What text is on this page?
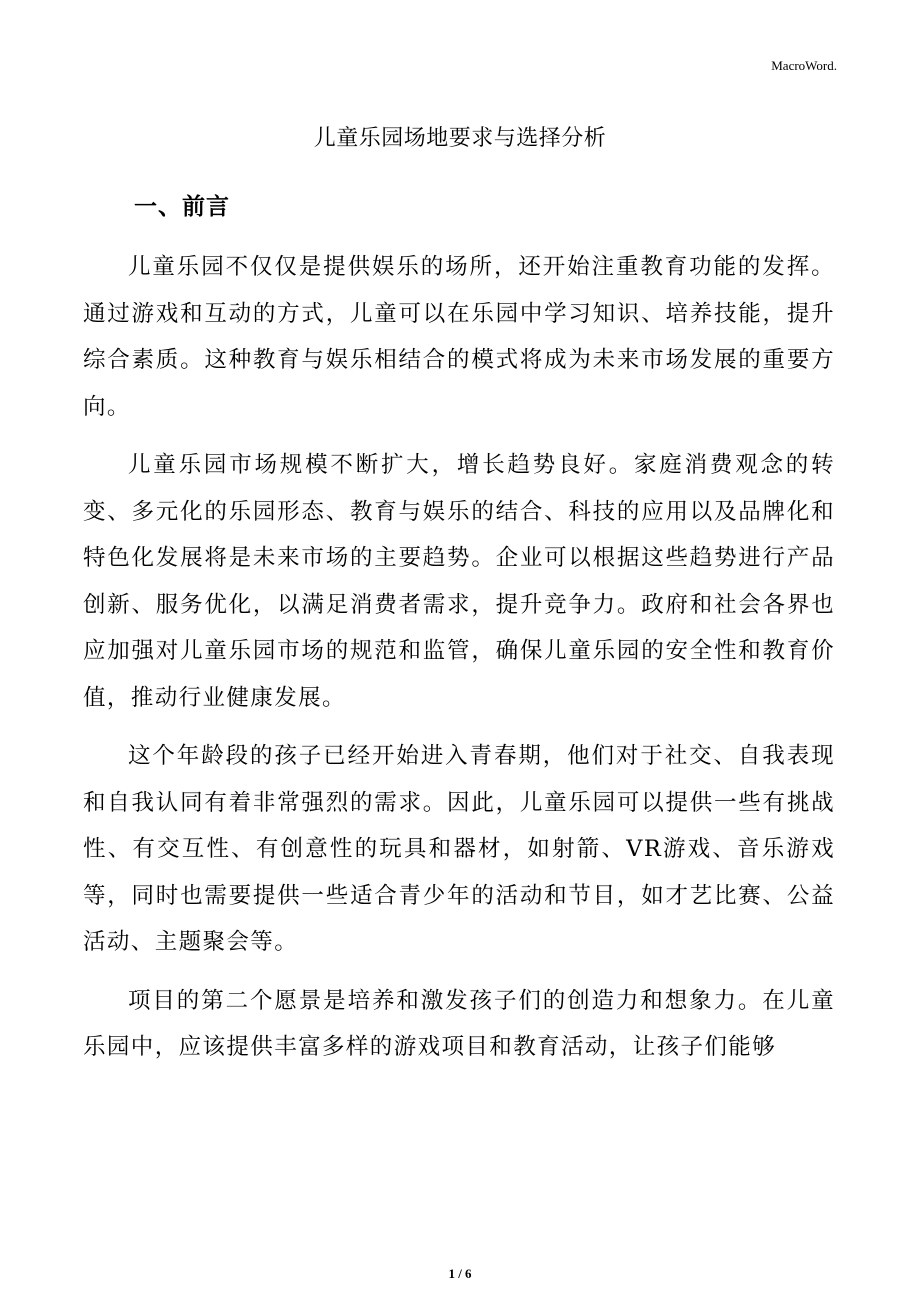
MacroWord.
儿童乐园场地要求与选择分析
一、前言

儿童乐园不仅仅是提供娱乐的场所，还开始注重教育功能的发挥。通过游戏和互动的方式，儿童可以在乐园中学习知识、培养技能，提升综合素质。这种教育与娱乐相结合的模式将成为未来市场发展的重要方向。

儿童乐园市场规模不断扩大，增长趋势良好。家庭消费观念的转变、多元化的乐园形态、教育与娱乐的结合、科技的应用以及品牌化和特色化发展将是未来市场的主要趋势。企业可以根据这些趋势进行产品创新、服务优化，以满足消费者需求，提升竞争力。政府和社会各界也应加强对儿童乐园市场的规范和监管，确保儿童乐园的安全性和教育价值，推动行业健康发展。

这个年龄段的孩子已经开始进入青春期，他们对于社交、自我表现和自我认同有着非常强烈的需求。因此，儿童乐园可以提供一些有挑战性、有交互性、有创意性的玩具和器材，如射箭、VR游戏、音乐游戏等，同时也需要提供一些适合青少年的活动和节目，如才艺比赛、公益活动、主题聚会等。

项目的第二个愿景是培养和激发孩子们的创造力和想象力。在儿童乐园中，应该提供丰富多样的游戏项目和教育活动，让孩子们能够

1 / 6
